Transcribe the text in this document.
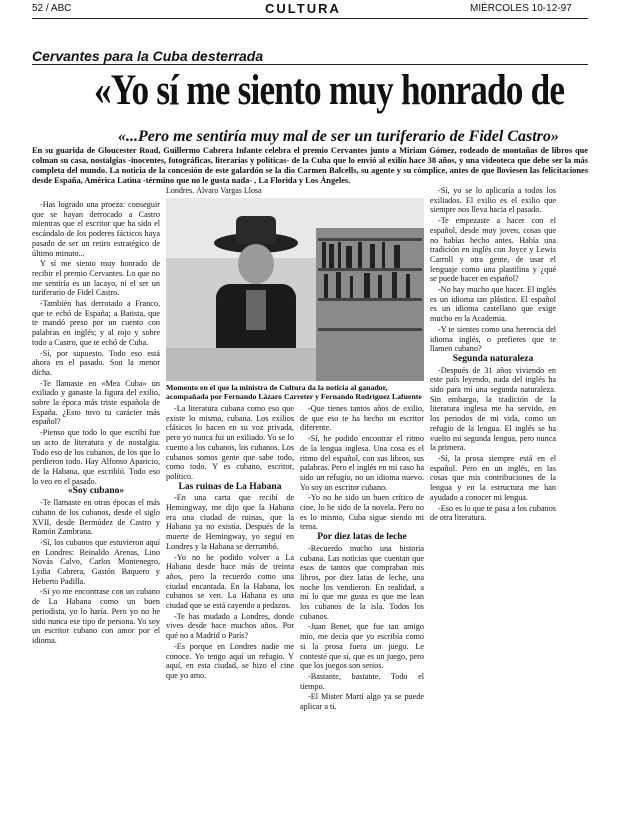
52 / ABC	CULTURA	MIÉRCOLES 10-12-97
Cervantes para la Cuba desterrada
«Yo sí me siento muy honrado de
«...Pero me sentiría muy mal de ser un turiferario de Fidel Castro»
En su guarida de Gloucester Road, Guillermo Cabrera Infante celebra el premio Cervantes junto a Miriam Gómez, rodeado de montañas de libros que colman su casa, nostalgias -inocentes, fotográficas, literarias y políticas- de la Cuba que lo envió al exilio hace 38 años, y una videoteca que debe ser la más completa del mundo. La noticia de la concesión de este galardón se la dio Carmen Balcells, su agente y su cómplice, antes de que lloviesen las felicitaciones desde España, América Latina -término que no le gusta nada- , La Florida y Los Ángeles.

-Has logrado una proeza: conseguir que se hayan derrocado a Castro mientras que el escritor que ha sido el escándalo de los poderes fácticos haya pasado de ser un retiro estratégico de último minuto...

Y sí me siento muy honrado de recibir el premio Cervantes. Lo que no me sentiría es un lacayo, ni el ser un turiferario de Fidel Castro.

-También has derrotado a Franco, que te echó de España; a Batista, que te mandó preso por un cuento con palabras en inglés; y al rojo y sobre todo a Castro, que te echó de Cuba.

-Sí, por supuesto. Todo eso está ahora en el pasado. Son la menor dicha.

-Te llamaste en «Mea Cuba» un exiliado y ganaste la figura del exilio, sobre la época más triste española de España. ¿Esto tuvo tu carácter más español?

-Pienso que todo lo que escribí fue un acto de literatura y de nostalgia. Todo eso de los cubanos, de los que lo perdieron todo. Hay Alfonso Aparicio, de la Habana, que escribió. Todo eso lo veo en el pasado.

«Soy cubano»

-Te llamaste en otras épocas el más cubano de los cubanos, desde el siglo XVII, desde Bermúdez de Castro y Ramón Zambrana.

-Sí, los cubanos que estuvieron aquí en Londres: Reinaldo Arenas, Lino Novás Calvo, Carlos Montenegro, Lydia Cabrera, Gastón Baquero y Heberto Padilla.

-Si yo me encontrase con un cubano de La Habana como un buen periodista, yo lo haría. Pero yo no he sido nunca ese tipo de persona. Yo soy un escritor cubano con amor por el idioma.

Momento en el que la ministra de Cultura da la noticia al ganador, acompañada por Fernando Lázaro Carreter y Fernando Rodríguez Lafuente
Londres. Álvaro Vargas Llosa

-La literatura cubana como eso que existe lo mismo, cubana. Los exilios clásicos lo hacen en su voz privada, pero yo nunca fui un exiliado. Yo se lo cuento a los cubanos, los cubanos. Los cubanos somos gente que sabe todo, como todo. Y es cubano, escritor, político.

Las ruinas de La Habana

-En una carta que recibí de Hemingway, me dijo que la Habana era una ciudad de ruinas, que la Habana ya no existía. Después de la muerte de Hemingway, yo seguí en Londres y la Habana se derrumbó.

-Yo no he podido volver a La Habana desde hace más de treinta años, pero la recuerdo como una ciudad encantada. En la Habana, los cubanos se ven. La Habana es una ciudad que se está cayendo a pedazos.

-Te has mudado a Londres, donde vives desde hace muchos años. Por qué no a Madrid o París?

-Es porque en Londres nadie me conoce. Yo tengo aquí un refugio. Y aquí, en esta ciudad, se hizo el cine que yo amo.

-Que tienes tantos años de exilio, de que eso te ha hecho un escritor diferente.

-Sí, he podido encontrar el ritmo de la lengua inglesa. Una cosa es el ritmo del español, con sus libros, sus palabras. Pero el inglés en mi caso ha sido un refugio, no un idioma nuevo. Yo soy un escritor cubano.

-Yo no he sido un buen crítico de cine, lo he sido de la novela. Pero no es lo mismo, Cuba sigue siendo mi tema.

Por diez latas de leche

-Recuerdo mucho una historia cubana. Las noticias que cuentan que esos de tantos que compraban mis libros, por diez latas de leche, una noche los vendieron. En realidad, a mí lo que me gusta es que me lean los cubanos de la isla. Todos los cubanos.

-Juan Benet, que fue tan amigo mío, me decía que yo escribía como si la prosa fuera un juego. Le contesté que sí, que es un juego, pero que los juegos son serios.

-Bastante, bastante. Todo el tiempo.

-El Mister Martí algo ya se puede aplicar a ti.

-Sí, yo se lo aplicaría a todos los exiliados. El exilio es el exilio que siempre nos lleva hacia el pasado.

-Te empezaste a hacer con el español, desde muy joven, cosas que no habías hecho antes. Había una tradición en inglés con Joyce y Lewis Carroll y otra gente, de usar el lenguaje como una plastilina y ¿qué se puede hacer en español?

-No hay mucho que hacer. El inglés es un idioma tan plástico. El español es un idioma castellano que exige mucho en la Academia.

-Y te sientes como una herencia del idioma inglés, o prefieres que te llamen cubano?

Segunda naturaleza

-Después de 31 años viviendo en este país leyendo, nada del inglés ha sido para mí una segunda naturaleza. Sin embargo, la tradición de la literatura inglesa me ha servido, en los periodos de mi vida, como un refugio de la lengua. El inglés se ha vuelto mi segunda lengua, pero nunca la primera.

-Sí, la prosa siempre está en el español. Pero en un inglés, en las cosas que mis contribuciones de la lengua y en la estructura me han ayudado a conocer mi lengua.

-Eso es lo que te pasa a los cubanos de otra literatura.
